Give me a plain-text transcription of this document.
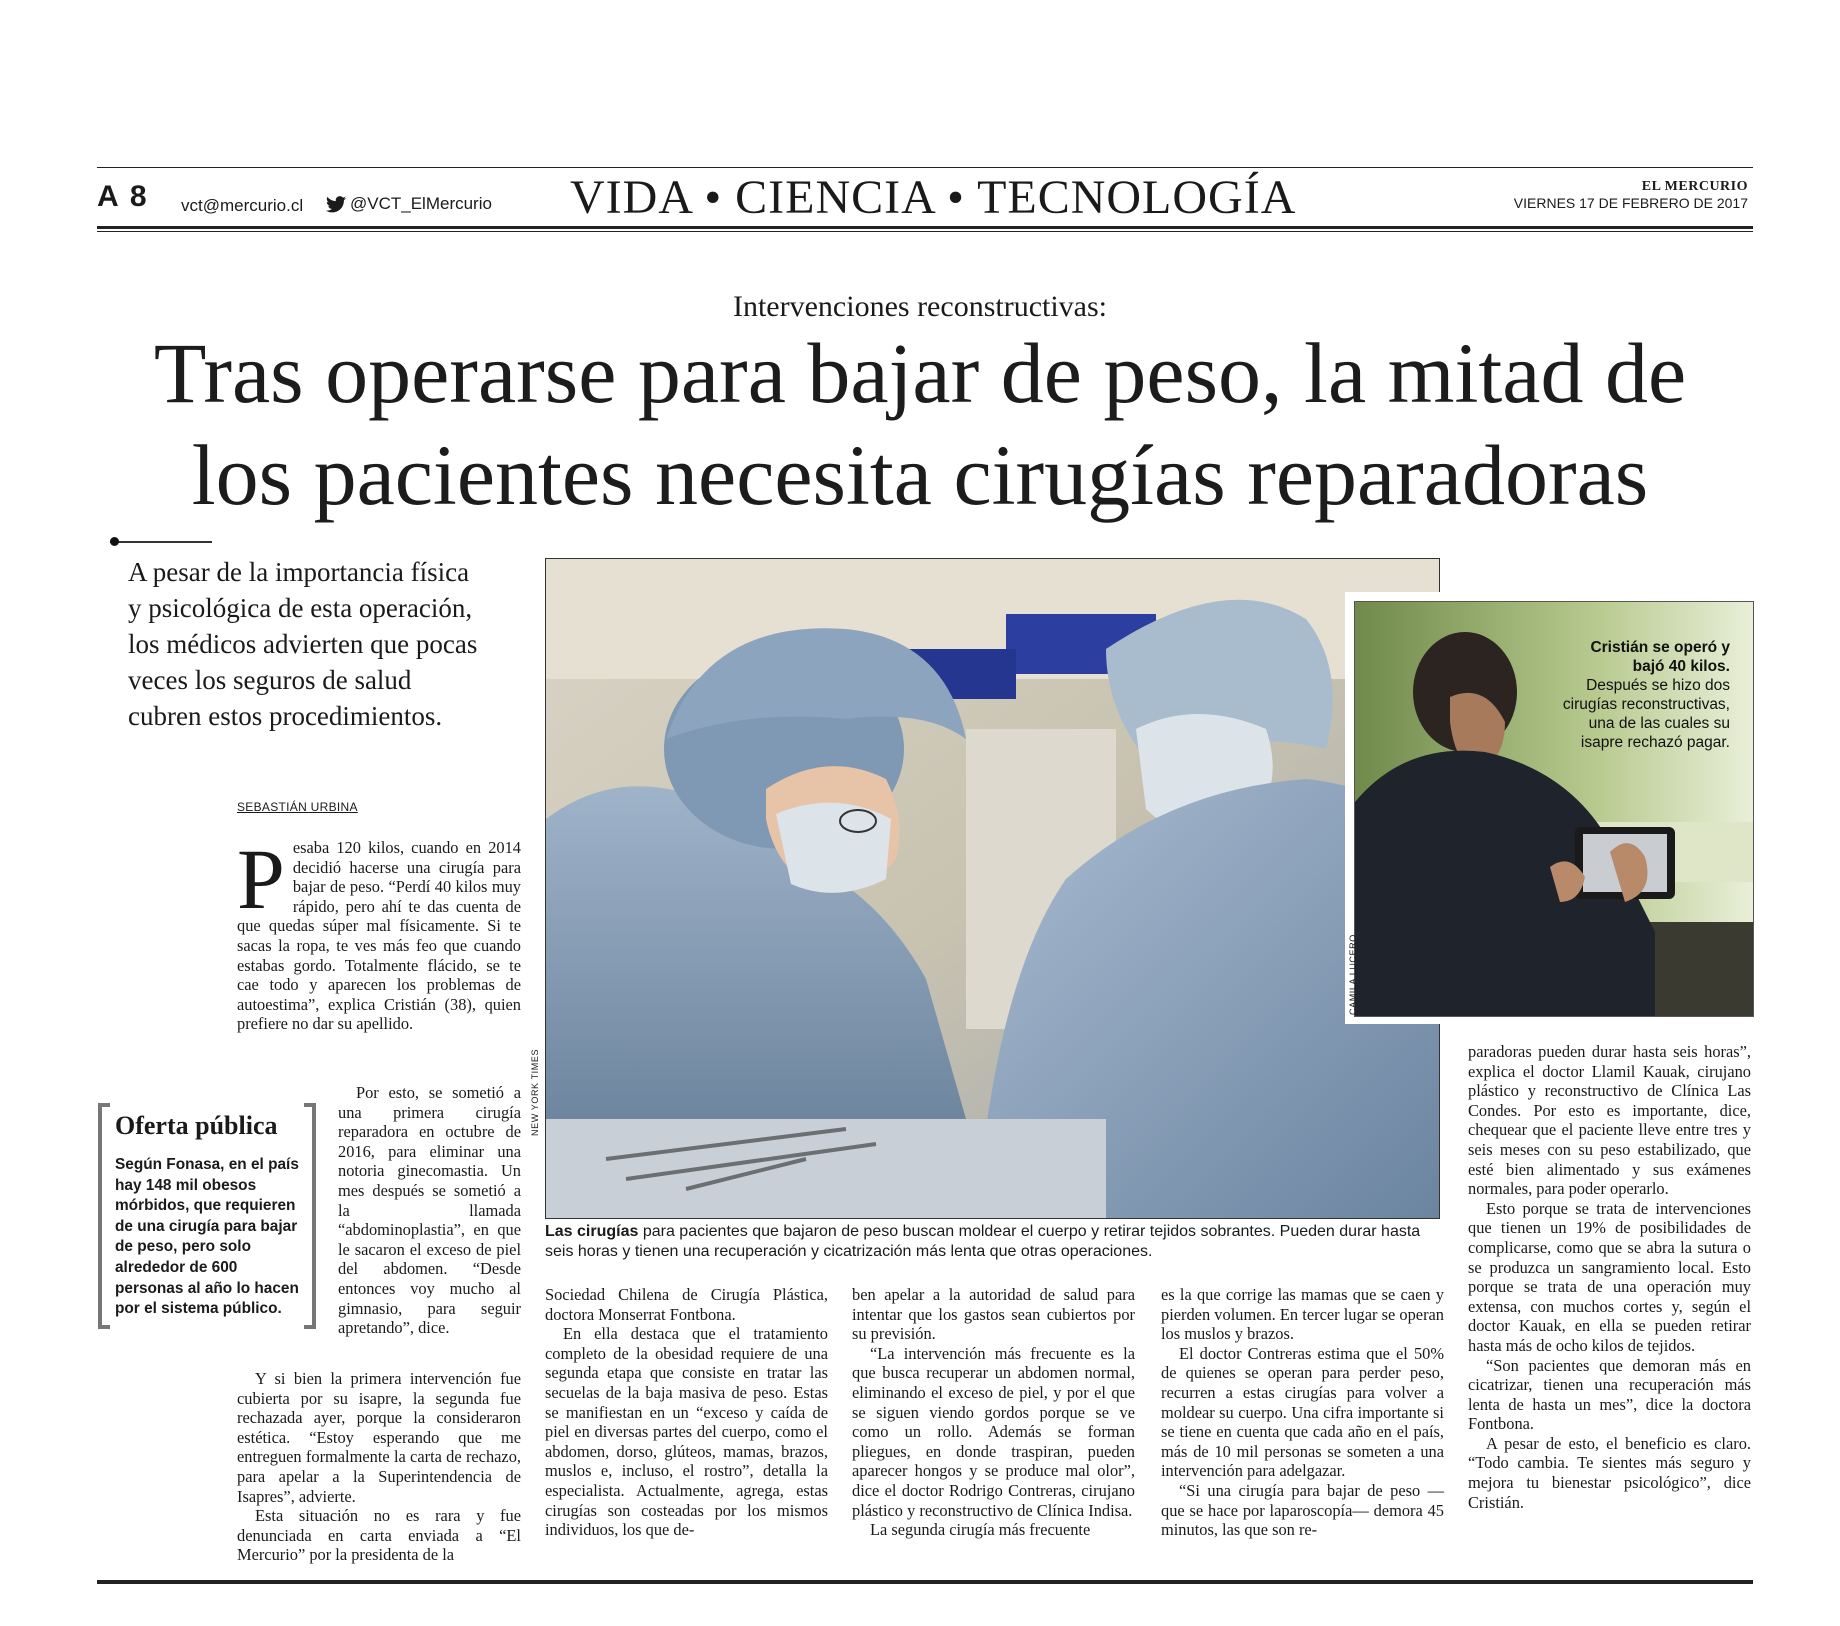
A 8 vct@mercurio.cl	@VCT_ElMercurio VIDA • CIENCIA • TECNOLOGÍA	EL MERCURIO
VIERNES 17 DE FEBRERO DE 2017
Intervenciones reconstructivas:
Tras operarse para bajar de peso, la mitad de
los pacientes necesita cirugías reparadoras
A pesar de la importancia física y psicológica de esta operación, los médicos advierten que pocas veces los seguros de salud cubren estos procedimientos.
SEBASTIÁN URBINA
P esaba 120 kilos, cuando en 2014 decidió hacerse una cirugía para bajar de peso. “Perdí 40 kilos muy rápido, pero ahí te das cuenta de que quedas súper mal físicamente. Si te sacas la ropa, te ves más feo que cuando estabas gordo. Totalmente flácido, se te cae todo y aparecen los problemas de autoestima”, explica Cristián (38), quien prefiere no dar su apellido.

Por esto, se sometió a una primera cirugía reparadora en octubre de 2016, para eliminar una notoria ginecomastia. Un mes después se sometió a la llamada “abdominoplastia”, en que le sacaron el exceso de piel del abdomen. “Desde entonces voy mucho al gimnasio, para seguir apretando”, dice.

Y si bien la primera intervención fue cubierta por su isapre, la segunda fue rechazada ayer, porque la consideraron estética. “Estoy esperando que me entreguen formalmente la carta de rechazo, para apelar a la Superintendencia de Isapres”, advierte.

Esta situación no es rara y fue denunciada en carta enviada a “El Mercurio” por la presidenta de la

Oferta pública
Según Fonasa, en el país hay 148 mil obesos mórbidos, que requieren de una cirugía para bajar de peso, pero solo alrededor de 600 personas al año lo hacen por el sistema público.
NEW YORK TIMES
Las cirugías para pacientes que bajaron de peso buscan moldear el cuerpo y retirar tejidos sobrantes. Pueden durar hasta seis horas y tienen una recuperación y cicatrización más lenta que otras operaciones.
CAMILA LUCERO
Cristián se operó y bajó 40 kilos.
Después se hizo dos cirugías reconstructivas, una de las cuales su isapre rechazó pagar.

Sociedad Chilena de Cirugía Plástica, doctora Monserrat Fontbona.

En ella destaca que el tratamiento completo de la obesidad requiere de una segunda etapa que consiste en tratar las secuelas de la baja masiva de peso. Estas se manifiestan en un “exceso y caída de piel en diversas partes del cuerpo, como el abdomen, dorso, glúteos, mamas, brazos, muslos e, incluso, el rostro”, detalla la especialista. Actualmente, agrega, estas cirugías son costeadas por los mismos individuos, los que de-

ben apelar a la autoridad de salud para intentar que los gastos sean cubiertos por su previsión.

“La intervención más frecuente es la que busca recuperar un abdomen normal, eliminando el exceso de piel, y por el que se siguen viendo gordos porque se ve como un rollo. Además se forman pliegues, en donde traspiran, pueden aparecer hongos y se produce mal olor”, dice el doctor Rodrigo Contreras, cirujano plástico y reconstructivo de Clínica Indisa.

La segunda cirugía más frecuente

es la que corrige las mamas que se caen y pierden volumen. En tercer lugar se operan los muslos y brazos.

El doctor Contreras estima que el 50% de quienes se operan para perder peso, recurren a estas cirugías para volver a moldear su cuerpo. Una cifra importante si se tiene en cuenta que cada año en el país, más de 10 mil personas se someten a una intervención para adelgazar.

“Si una cirugía para bajar de peso —que se hace por laparoscopía— demora 45 minutos, las que son re-

paradoras pueden durar hasta seis horas”, explica el doctor Llamil Kauak, cirujano plástico y reconstructivo de Clínica Las Condes. Por esto es importante, dice, chequear que el paciente lleve entre tres y seis meses con su peso estabilizado, que esté bien alimentado y sus exámenes normales, para poder operarlo.

Esto porque se trata de intervenciones que tienen un 19% de posibilidades de complicarse, como que se abra la sutura o se produzca un sangramiento local. Esto porque se trata de una operación muy extensa, con muchos cortes y, según el doctor Kauak, en ella se pueden retirar hasta más de ocho kilos de tejidos.

“Son pacientes que demoran más en cicatrizar, tienen una recuperación más lenta de hasta un mes”, dice la doctora Fontbona.

A pesar de esto, el beneficio es claro. “Todo cambia. Te sientes más seguro y mejora tu bienestar psicológico”, dice Cristián.
